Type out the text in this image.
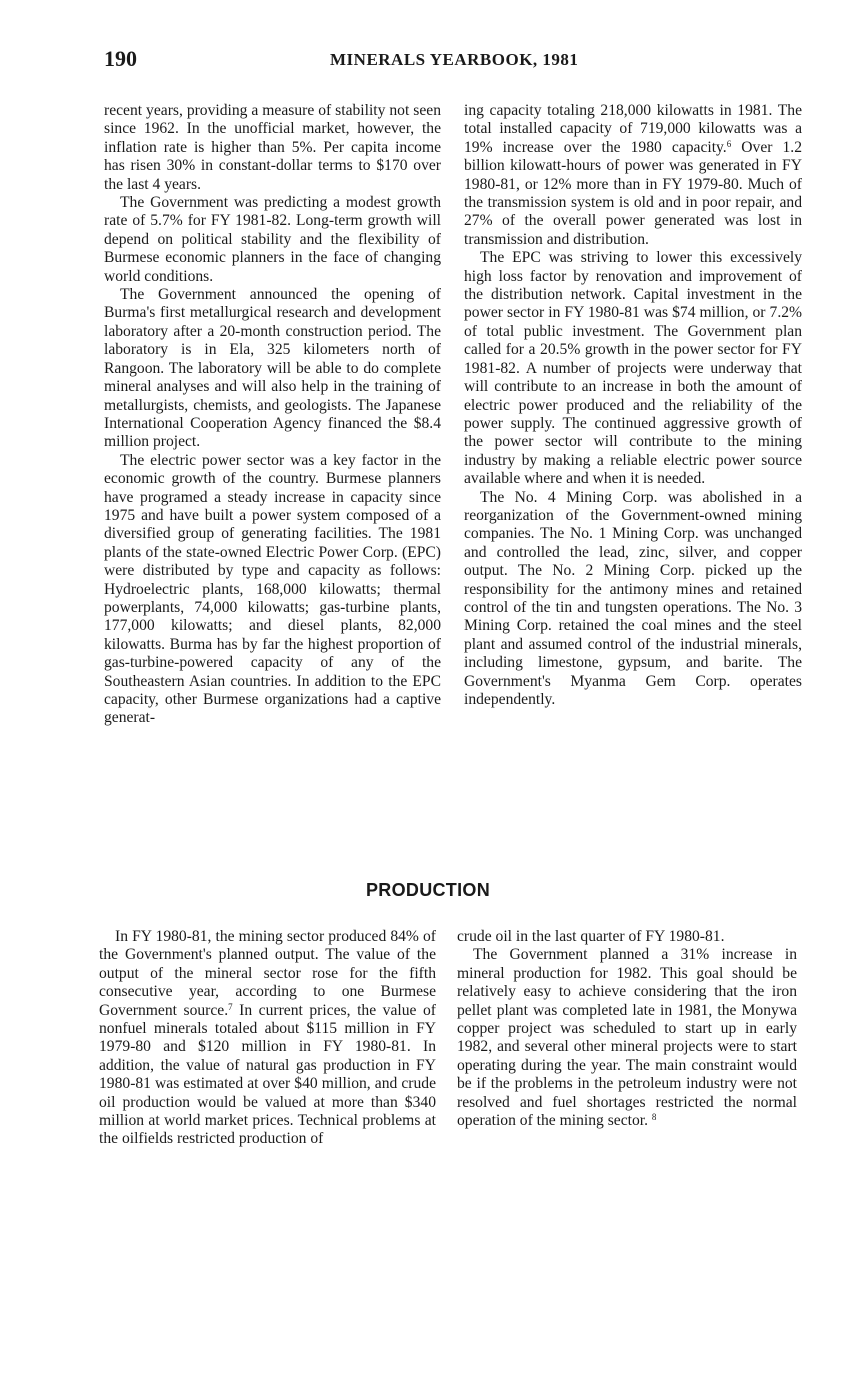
190	MINERALS YEARBOOK, 1981

recent years, providing a measure of stability not seen since 1962. In the unofficial market, however, the inflation rate is higher than 5%. Per capita income has risen 30% in constant-dollar terms to $170 over the last 4 years.

The Government was predicting a modest growth rate of 5.7% for FY 1981-82. Long-term growth will depend on political stability and the flexibility of Burmese economic planners in the face of changing world conditions.

The Government announced the opening of Burma's first metallurgical research and development laboratory after a 20-month construction period. The laboratory is in Ela, 325 kilometers north of Rangoon. The laboratory will be able to do complete mineral analyses and will also help in the training of metallurgists, chemists, and geologists. The Japanese International Cooperation Agency financed the $8.4 million project.

The electric power sector was a key factor in the economic growth of the country. Burmese planners have programed a steady increase in capacity since 1975 and have built a power system composed of a diversified group of generating facilities. The 1981 plants of the state-owned Electric Power Corp. (EPC) were distributed by type and capacity as follows: Hydroelectric plants, 168,000 kilowatts; thermal powerplants, 74,000 kilowatts; gas-turbine plants, 177,000 kilowatts; and diesel plants, 82,000 kilowatts. Burma has by far the highest proportion of gas-turbine-powered capacity of any of the Southeastern Asian countries. In addition to the EPC capacity, other Burmese organizations had a captive generat-

ing capacity totaling 218,000 kilowatts in 1981. The total installed capacity of 719,000 kilowatts was a 19% increase over the 1980 capacity.$^6$ Over 1.2 billion kilowatt-hours of power was generated in FY 1980-81, or 12% more than in FY 1979-80. Much of the transmission system is old and in poor repair, and 27% of the overall power generated was lost in transmission and distribution.

The EPC was striving to lower this excessively high loss factor by renovation and improvement of the distribution network. Capital investment in the power sector in FY 1980-81 was $74 million, or 7.2% of total public investment. The Government plan called for a 20.5% growth in the power sector for FY 1981-82. A number of projects were underway that will contribute to an increase in both the amount of electric power produced and the reliability of the power supply. The continued aggressive growth of the power sector will contribute to the mining industry by making a reliable electric power source available where and when it is needed.

The No. 4 Mining Corp. was abolished in a reorganization of the Government-owned mining companies. The No. 1 Mining Corp. was unchanged and controlled the lead, zinc, silver, and copper output. The No. 2 Mining Corp. picked up the responsibility for the antimony mines and retained control of the tin and tungsten operations. The No. 3 Mining Corp. retained the coal mines and the steel plant and assumed control of the industrial minerals, including limestone, gypsum, and barite. The Government's Myanma Gem Corp. operates independently.

PRODUCTION

In FY 1980-81, the mining sector produced 84% of the Government's planned output. The value of the output of the mineral sector rose for the fifth consecutive year, according to one Burmese Government source.$^7$ In current prices, the value of nonfuel minerals totaled about $115 million in FY 1979-80 and $120 million in FY 1980-81. In addition, the value of natural gas production in FY 1980-81 was estimated at over $40 million, and crude oil production would be valued at more than $340 million at world market prices. Technical problems at the oilfields restricted production of

crude oil in the last quarter of FY 1980-81.

The Government planned a 31% increase in mineral production for 1982. This goal should be relatively easy to achieve considering that the iron pellet plant was completed late in 1981, the Monywa copper project was scheduled to start up in early 1982, and several other mineral projects were to start operating during the year. The main constraint would be if the problems in the petroleum industry were not resolved and fuel shortages restricted the normal operation of the mining sector. $^8$
